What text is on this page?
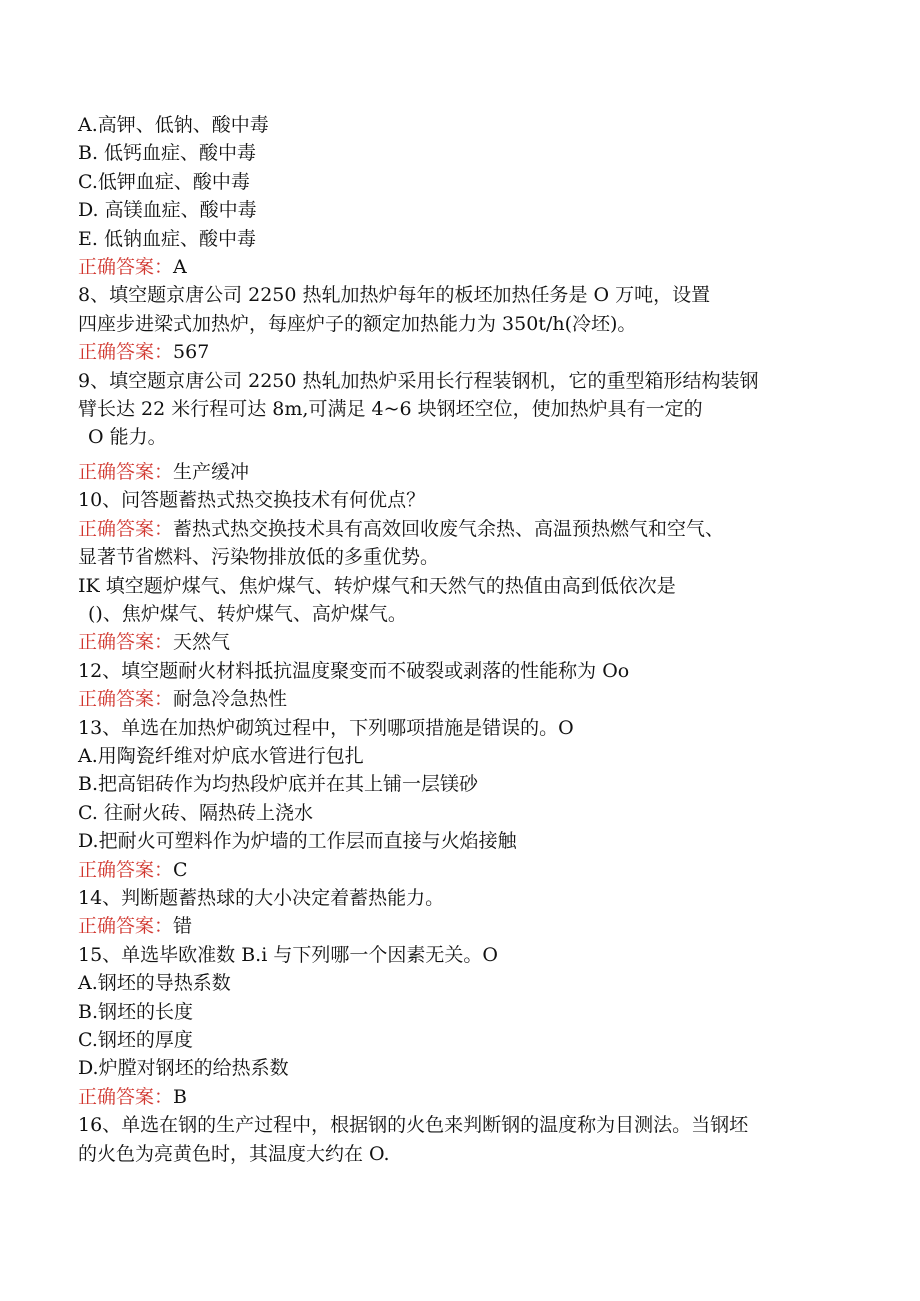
A.高钾、低钠、酸中毒
B. 低钙血症、酸中毒
C.低钾血症、酸中毒
D. 高镁血症、酸中毒
E. 低钠血症、酸中毒
正确答案：A
8、填空题京唐公司 2250 热轧加热炉每年的板坯加热任务是 O 万吨，设置
四座步进梁式加热炉，每座炉子的额定加热能力为 350t/h(冷坯)。
正确答案：567
9、填空题京唐公司 2250 热轧加热炉采用长行程装钢机，它的重型箱形结构装钢
臂长达 22 米行程可达 8m,可满足 4~6 块钢坯空位，使加热炉具有一定的
O 能力。
正确答案：生产缓冲
10、问答题蓄热式热交换技术有何优点？
正确答案：蓄热式热交换技术具有高效回收废气余热、高温预热燃气和空气、
显著节省燃料、污染物排放低的多重优势。
IK 填空题炉煤气、焦炉煤气、转炉煤气和天然气的热值由高到低依次是
()、焦炉煤气、转炉煤气、高炉煤气。
正确答案：天然气
12、填空题耐火材料抵抗温度聚变而不破裂或剥落的性能称为 Oo
正确答案：耐急冷急热性
13、单选在加热炉砌筑过程中，下列哪项措施是错误的。O
A.用陶瓷纤维对炉底水管进行包扎
B.把高铝砖作为均热段炉底并在其上铺一层镁砂
C. 往耐火砖、隔热砖上浇水
D.把耐火可塑料作为炉墙的工作层而直接与火焰接触
正确答案：C
14、判断题蓄热球的大小决定着蓄热能力。
正确答案：错
15、单选毕欧准数 B.i 与下列哪一个因素无关。O
A.钢坯的导热系数
B.钢坯的长度
C.钢坯的厚度
D.炉膛对钢坯的给热系数
正确答案：B
16、单选在钢的生产过程中，根据钢的火色来判断钢的温度称为目测法。当钢坯
的火色为亮黄色时，其温度大约在 O.
